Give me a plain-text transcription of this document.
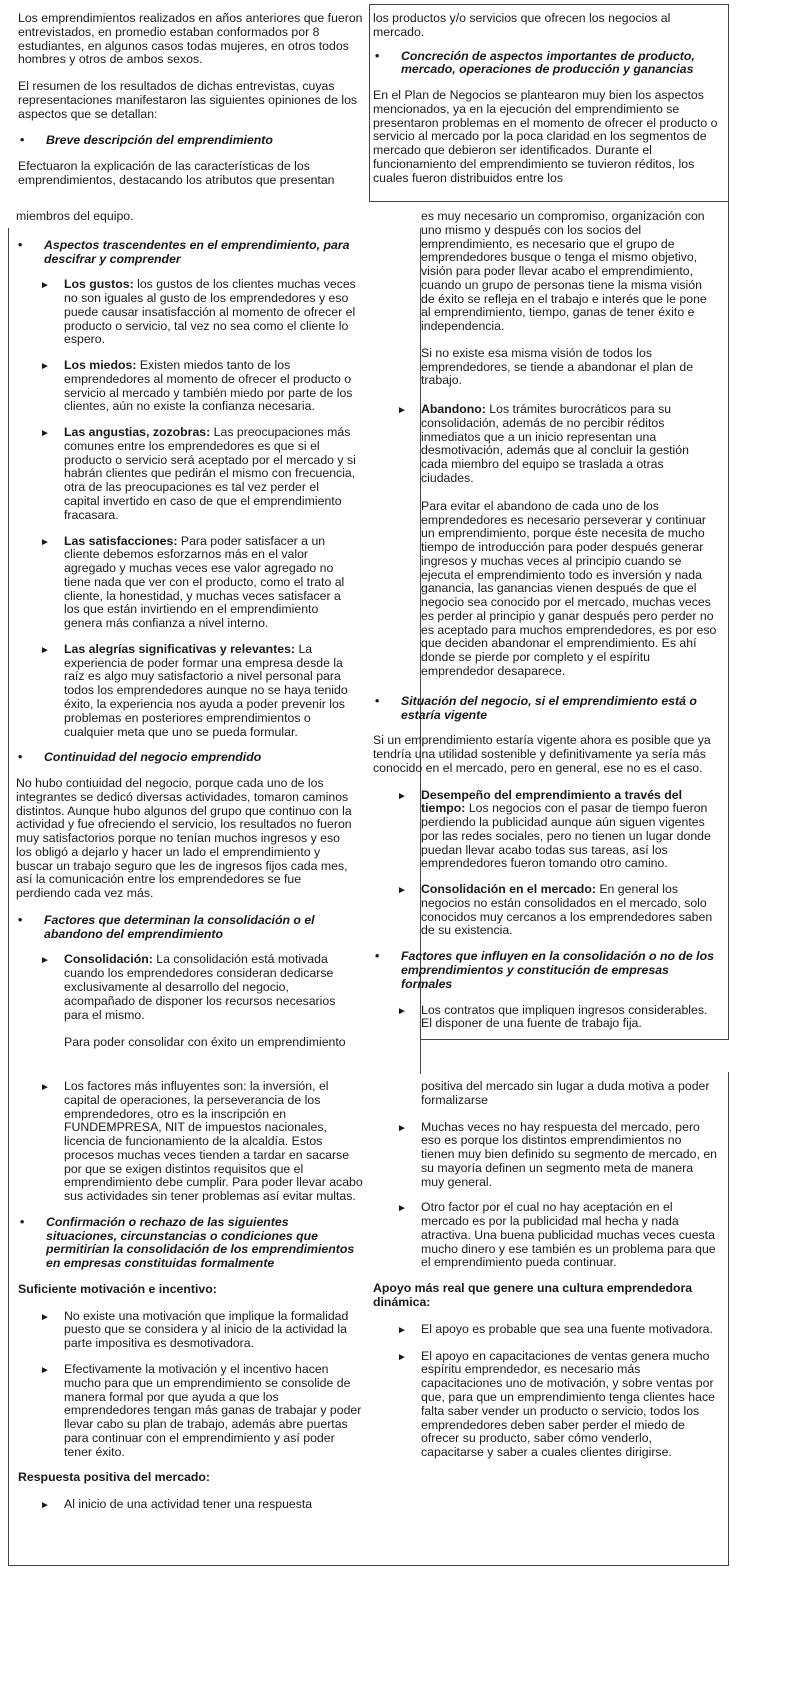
Los emprendimientos realizados en años anteriores que fueron entrevistados, en promedio estaban conformados por 8 estudiantes, en algunos casos todas mujeres, en otros todos hombres y otros de ambos sexos.

El resumen de los resultados de dichas entrevistas, cuyas representaciones manifestaron las siguientes opiniones de los aspectos que se detallan:

•	Breve descripción del emprendimiento

Efectuaron la explicación de las características de los emprendimientos, destacando los atributos que presentan

los productos y/o servicios que ofrecen los negocios al mercado.

•	Concreción de aspectos importantes de producto, mercado, operaciones de producción y ganancias

En el Plan de Negocios se plantearon muy bien los aspectos mencionados, ya en la ejecución del emprendimiento se presentaron problemas en el momento de ofrecer el producto o servicio al mercado por la poca claridad en los segmentos de mercado que debieron ser identificados. Durante el funcionamiento del emprendimiento se tuvieron réditos, los cuales fueron distribuidos entre los

miembros del equipo.

•	Aspectos trascendentes en el emprendimiento, para descifrar y comprender
►	Los gustos: los gustos de los clientes muchas veces no son iguales al gusto de los emprendedores y eso puede causar insatisfacción al momento de ofrecer el producto o servicio, tal vez no sea como el cliente lo espero.
►	Los miedos: Existen miedos tanto de los emprendedores al momento de ofrecer el producto o servicio al mercado y también miedo por parte de los clientes, aún no existe la confianza necesaria.
►	Las angustias, zozobras: Las preocupaciones más comunes entre los emprendedores es que si el producto o servicio será aceptado por el mercado y si habrán clientes que pedirán el mismo con frecuencia, otra de las preocupaciones es tal vez perder el capital invertido en caso de que el emprendimiento fracasara.
►	Las satisfacciones: Para poder satisfacer a un cliente debemos esforzarnos más en el valor agregado y muchas veces ese valor agregado no tiene nada que ver con el producto, como el trato al cliente, la honestidad, y muchas veces satisfacer a los que están invirtiendo en el emprendimiento genera más confianza a nivel interno.
►	Las alegrías significativas y relevantes: La experiencia de poder formar una empresa desde la raíz es algo muy satisfactorio a nivel personal para todos los emprendedores aunque no se haya tenido éxito, la experiencia nos ayuda a poder prevenir los problemas en posteriores emprendimientos o cualquier meta que uno se pueda formular.
•	Continuidad del negocio emprendido

No hubo contiuidad del negocio, porque cada uno de los integrantes se dedicó diversas actividades, tomaron caminos distintos. Aunque hubo algunos del grupo que continuo con la actividad y fue ofreciendo el servicio, los resultados no fueron muy satisfactorios porque no tenían muchos ingresos y eso los obligó a dejarlo y hacer un lado el emprendimiento y buscar un trabajo seguro que les de ingresos fijos cada mes, así la comunicación entre los emprendedores se fue perdiendo cada vez más.

•	Factores que determinan la consolidación o el abandono del emprendimiento
►	Consolidación: La consolidación está motivada cuando los emprendedores consideran dedicarse exclusivamente al desarrollo del negocio, acompañado de disponer los recursos necesarios para el mismo.
Para poder consolidar con éxito un emprendimiento

es muy necesario un compromiso, organización con uno mismo y después con los socios del emprendimiento, es necesario que el grupo de emprendedores busque o tenga el mismo objetivo, visión para poder llevar acabo el emprendimiento, cuando un grupo de personas tiene la misma visión de éxito se refleja en el trabajo e interés que le pone al emprendimiento, tiempo, ganas de tener éxito e independencia.

Si no existe esa misma visión de todos los emprendedores, se tiende a abandonar el plan de trabajo.

►	Abandono: Los trámites burocráticos para su consolidación, además de no percibir réditos inmediatos que a un inicio representan una desmotivación, además que al concluir la gestión cada miembro del equipo se traslada a otras ciudades.
Para evitar el abandono de cada uno de los emprendedores es necesario perseverar y continuar un emprendimiento, porque éste necesita de mucho tiempo de introducción para poder después generar ingresos y muchas veces al principio cuando se ejecuta el emprendimiento todo es inversión y nada ganancia, las ganancias vienen después de que el negocio sea conocido por el mercado, muchas veces es perder al principio y ganar después pero perder no es aceptado para muchos emprendedores, es por eso que deciden abandonar el emprendimiento. Es ahí donde se pierde por completo y el espíritu emprendedor desaparece.
•	Situación del negocio, si el emprendimiento está o estaría vigente

Si un emprendimiento estaría vigente ahora es posible que ya tendría una utilidad sostenible y definitivamente ya sería más conocido en el mercado, pero en general, ese no es el caso.

►	Desempeño del emprendimiento a través del tiempo: Los negocios con el pasar de tiempo fueron perdiendo la publicidad aunque aún siguen vigentes por las redes sociales, pero no tienen un lugar donde puedan llevar acabo todas sus tareas, así los emprendedores fueron tomando otro camino.
►	Consolidación en el mercado: En general los negocios no están consolidados en el mercado, solo conocidos muy cercanos a los emprendedores saben de su existencia.
•	Factores que influyen en la consolidación o no de los emprendimientos y constitución de empresas formales
►	Los contratos que impliquen ingresos considerables. El disponer de una fuente de trabajo fija.
►	Los factores más influyentes son: la inversión, el capital de operaciones, la perseverancia de los emprendedores, otro es la inscripción en FUNDEMPRESA, NIT de impuestos nacionales, licencia de funcionamiento de la alcaldía. Estos procesos muchas veces tienden a tardar en sacarse por que se exigen distintos requisitos que el emprendimiento debe cumplir. Para poder llevar acabo sus actividades sin tener problemas así evitar multas.
•	Confirmación o rechazo de las siguientes situaciones, circunstancias o condiciones que permitirían la consolidación de los emprendimientos en empresas constituidas formalmente
Suficiente motivación e incentivo:
►	No existe una motivación que implique la formalidad puesto que se considera y al inicio de la actividad la parte impositiva es desmotivadora.
►	Efectivamente la motivación y el incentivo hacen mucho para que un emprendimiento se consolide de manera formal por que ayuda a que los emprendedores tengan más ganas de trabajar y poder llevar cabo su plan de trabajo, además abre puertas para continuar con el emprendimiento y así poder tener éxito.
Respuesta positiva del mercado:
►	Al inicio de una actividad tener una respuesta

positiva del mercado sin lugar a duda motiva a poder formalizarse

►	Muchas veces no hay respuesta del mercado, pero eso es porque los distintos emprendimientos no tienen muy bien definido su segmento de mercado, en su mayoría definen un segmento meta de manera muy general.
►	Otro factor por el cual no hay aceptación en el mercado es por la publicidad mal hecha y nada atractiva. Una buena publicidad muchas veces cuesta mucho dinero y ese también es un problema para que el emprendimiento pueda continuar.
Apoyo más real que genere una cultura emprendedora dinámica:
►	El apoyo es probable que sea una fuente motivadora.
►	El apoyo en capacitaciones de ventas genera mucho espíritu emprendedor, es necesario más capacitaciones uno de motivación, y sobre ventas por que, para que un emprendimiento tenga clientes hace falta saber vender un producto o servicio, todos los emprendedores deben saber perder el miedo de ofrecer su producto, saber cómo venderlo, capacitarse y saber a cuales clientes dirigirse.
